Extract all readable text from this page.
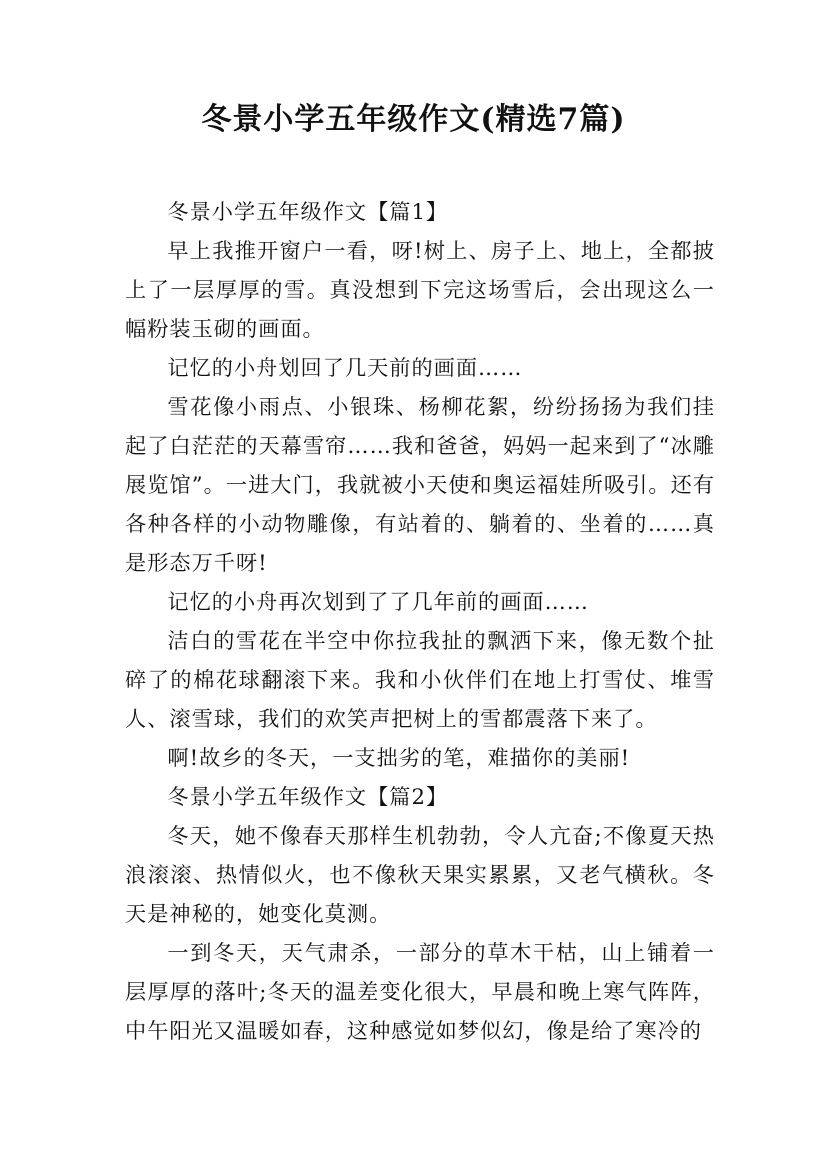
冬景小学五年级作文(精选7篇)

冬景小学五年级作文【篇1】

早上我推开窗户一看，呀!树上、房子上、地上，全都披上了一层厚厚的雪。真没想到下完这场雪后，会出现这么一幅粉装玉砌的画面。

记忆的小舟划回了几天前的画面……

雪花像小雨点、小银珠、杨柳花絮，纷纷扬扬为我们挂起了白茫茫的天幕雪帘……我和爸爸，妈妈一起来到了“冰雕展览馆”。一进大门，我就被小天使和奥运福娃所吸引。还有各种各样的小动物雕像，有站着的、躺着的、坐着的……真是形态万千呀!

记忆的小舟再次划到了了几年前的画面……

洁白的雪花在半空中你拉我扯的飘洒下来，像无数个扯碎了的棉花球翻滚下来。我和小伙伴们在地上打雪仗、堆雪人、滚雪球，我们的欢笑声把树上的雪都震落下来了。

啊!故乡的冬天，一支拙劣的笔，难描你的美丽!

冬景小学五年级作文【篇2】

冬天，她不像春天那样生机勃勃，令人亢奋;不像夏天热浪滚滚、热情似火，也不像秋天果实累累，又老气横秋。冬天是神秘的，她变化莫测。

一到冬天，天气肃杀，一部分的草木干枯，山上铺着一层厚厚的落叶;冬天的温差变化很大，早晨和晚上寒气阵阵，中午阳光又温暖如春，这种感觉如梦似幻，像是给了寒冷的
